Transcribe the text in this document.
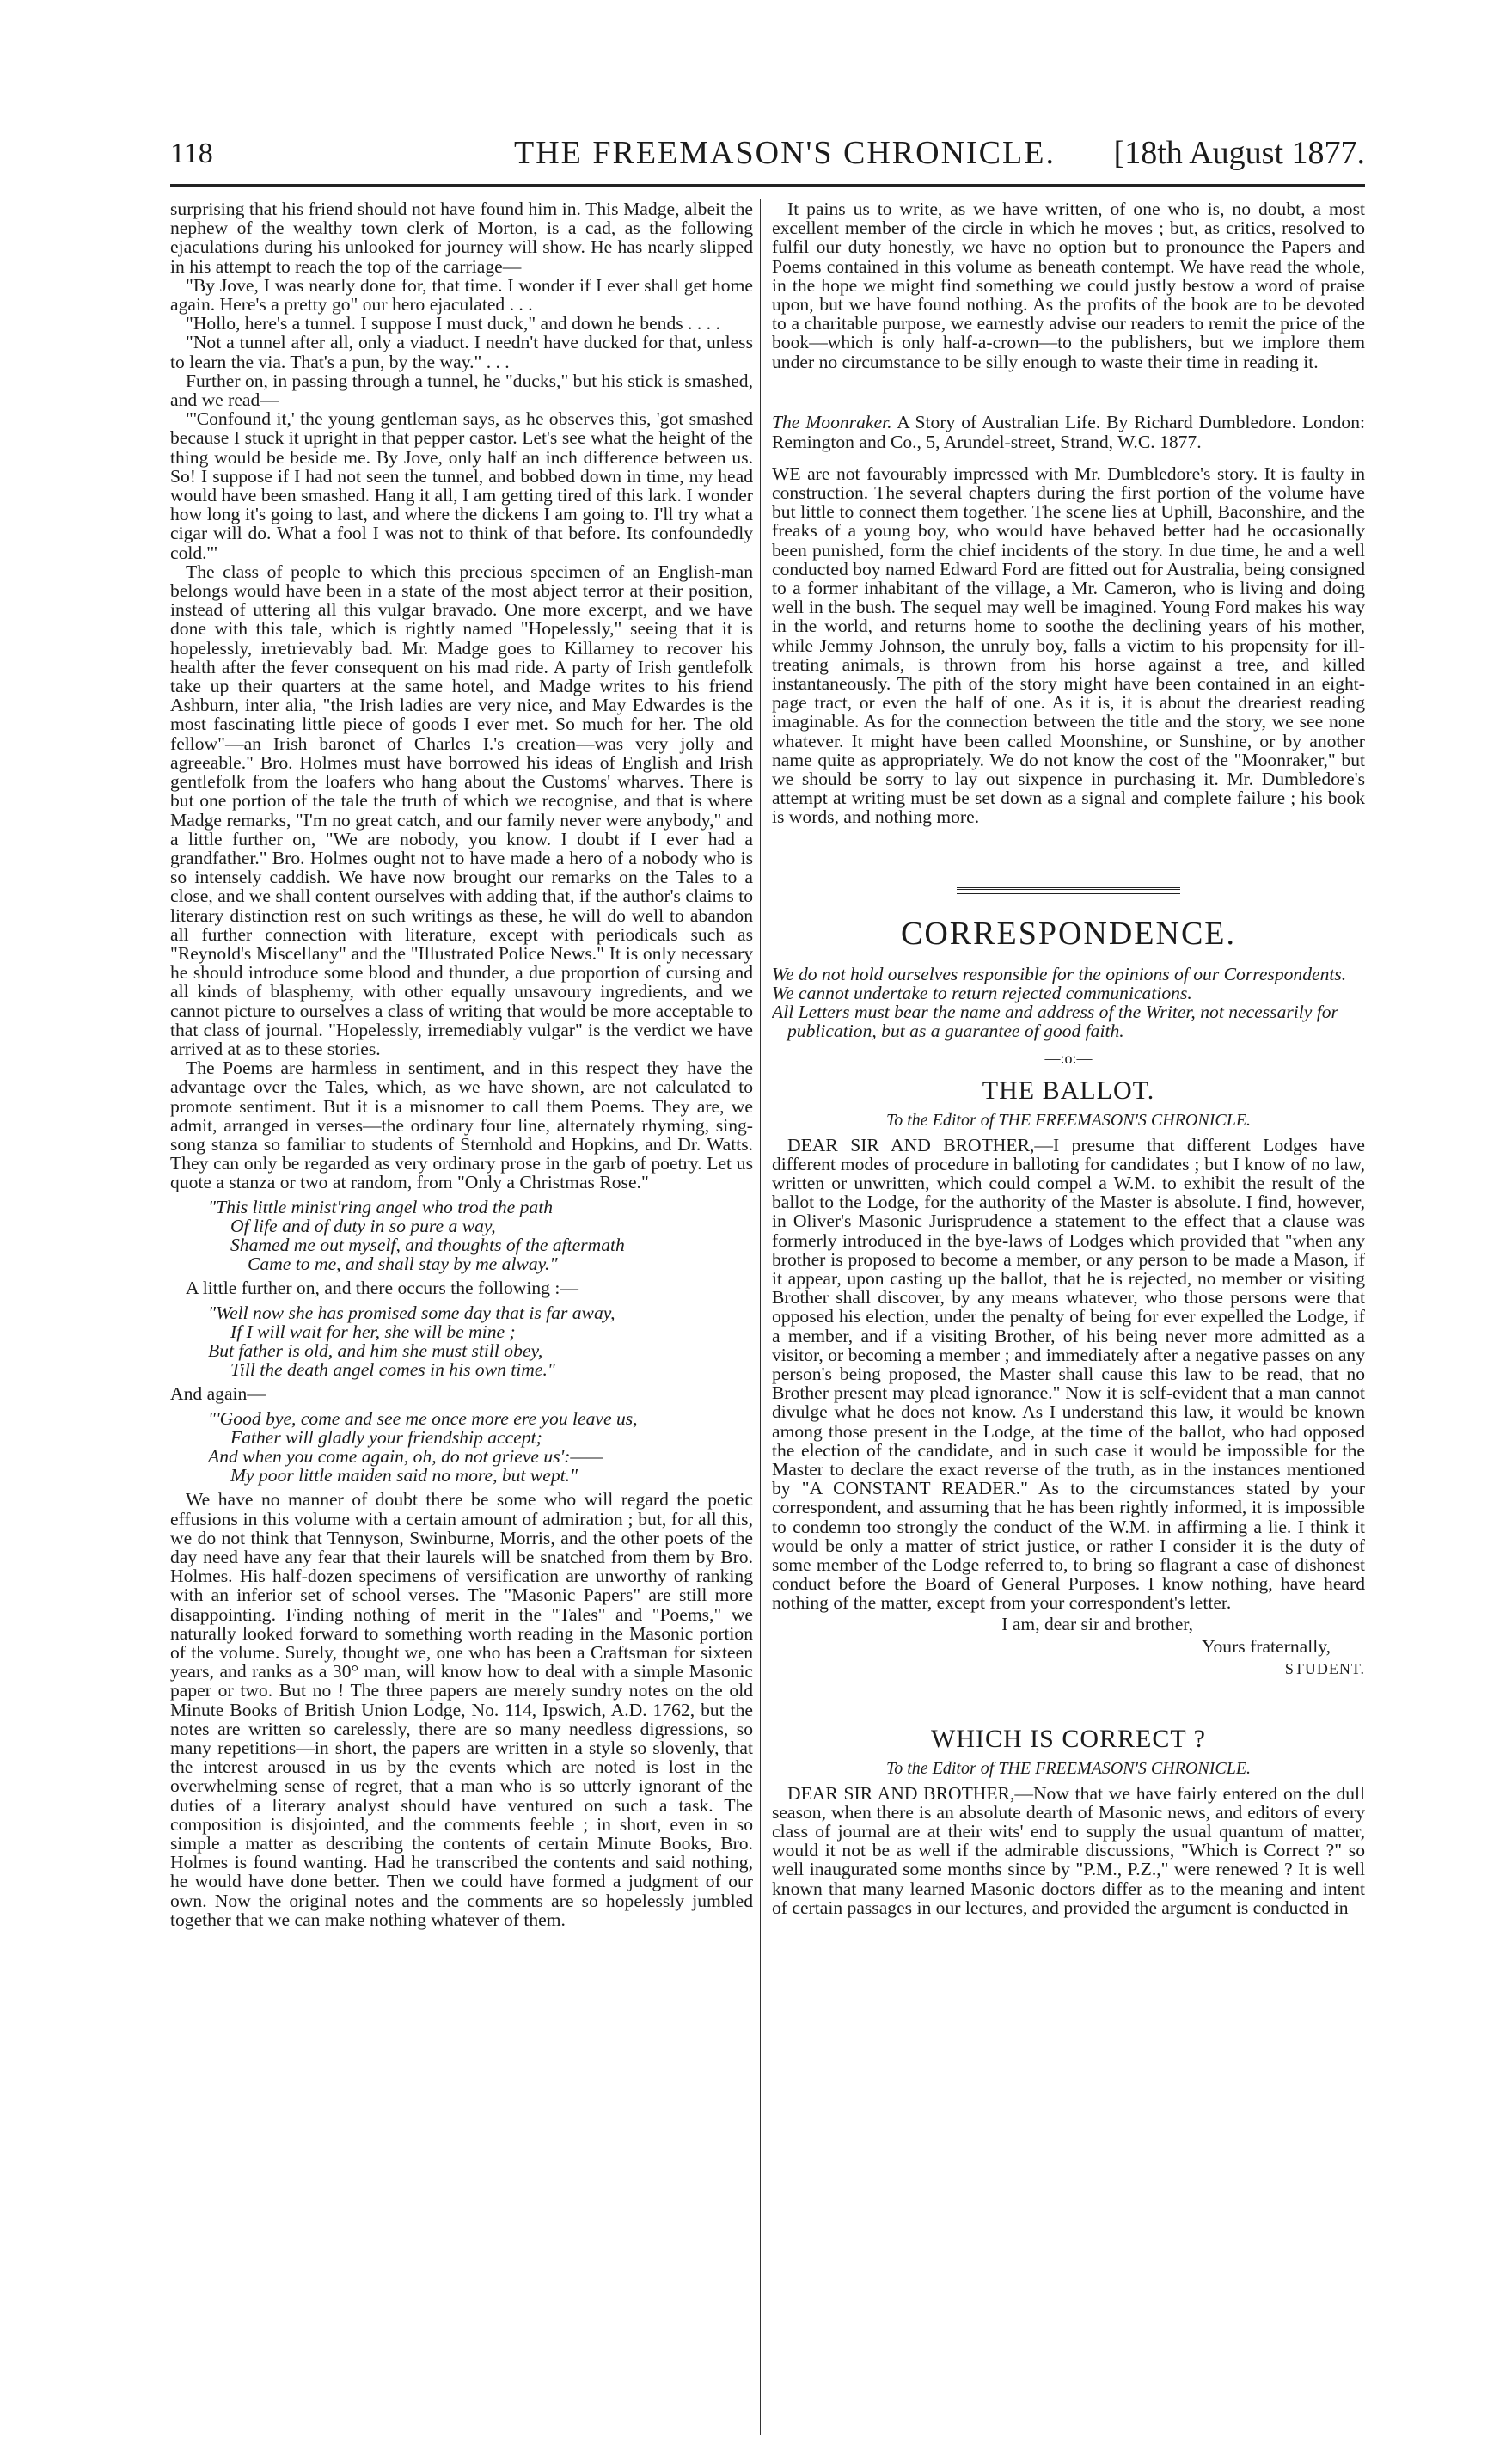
118	THE FREEMASON'S CHRONICLE. [18th August 1877.

surprising that his friend should not have found him in. This Madge, albeit the nephew of the wealthy town clerk of Morton, is a cad, as the following ejaculations during his unlooked for journey will show. He has nearly slipped in his attempt to reach the top of the carriage—

"By Jove, I was nearly done for, that time. I wonder if I ever shall get home again. Here's a pretty go" our hero ejaculated . . .

"Hollo, here's a tunnel. I suppose I must duck," and down he bends . . . .

"Not a tunnel after all, only a viaduct. I needn't have ducked for that, unless to learn the via. That's a pun, by the way." . . .

Further on, in passing through a tunnel, he "ducks," but his stick is smashed, and we read—

"'Confound it,' the young gentleman says, as he observes this, 'got smashed because I stuck it upright in that pepper castor. Let's see what the height of the thing would be beside me. By Jove, only half an inch difference between us. So! I suppose if I had not seen the tunnel, and bobbed down in time, my head would have been smashed. Hang it all, I am getting tired of this lark. I wonder how long it's going to last, and where the dickens I am going to. I'll try what a cigar will do. What a fool I was not to think of that before. Its confoundedly cold.'"

The class of people to which this precious specimen of an English-man belongs would have been in a state of the most abject terror at their position, instead of uttering all this vulgar bravado. One more excerpt, and we have done with this tale, which is rightly named "Hopelessly," seeing that it is hopelessly, irretrievably bad. Mr. Madge goes to Killarney to recover his health after the fever consequent on his mad ride. A party of Irish gentlefolk take up their quarters at the same hotel, and Madge writes to his friend Ashburn, inter alia, "the Irish ladies are very nice, and May Edwardes is the most fascinating little piece of goods I ever met. So much for her. The old fellow"—an Irish baronet of Charles I.'s creation—was very jolly and agreeable." Bro. Holmes must have borrowed his ideas of English and Irish gentlefolk from the loafers who hang about the Customs' wharves. There is but one portion of the tale the truth of which we recognise, and that is where Madge remarks, "I'm no great catch, and our family never were anybody," and a little further on, "We are nobody, you know. I doubt if I ever had a grandfather." Bro. Holmes ought not to have made a hero of a nobody who is so intensely caddish. We have now brought our remarks on the Tales to a close, and we shall content ourselves with adding that, if the author's claims to literary distinction rest on such writings as these, he will do well to abandon all further connection with literature, except with periodicals such as "Reynold's Miscellany" and the "Illustrated Police News." It is only necessary he should introduce some blood and thunder, a due proportion of cursing and all kinds of blasphemy, with other equally unsavoury ingredients, and we cannot picture to ourselves a class of writing that would be more acceptable to that class of journal. "Hopelessly, irremediably vulgar" is the verdict we have arrived at as to these stories.

The Poems are harmless in sentiment, and in this respect they have the advantage over the Tales, which, as we have shown, are not calculated to promote sentiment. But it is a misnomer to call them Poems. They are, we admit, arranged in verses—the ordinary four line, alternately rhyming, sing-song stanza so familiar to students of Sternhold and Hopkins, and Dr. Watts. They can only be regarded as very ordinary prose in the garb of poetry. Let us quote a stanza or two at random, from "Only a Christmas Rose."

"This little minist'ring angel who trod the path
Of life and of duty in so pure a way,
Shamed me out myself, and thoughts of the aftermath
Came to me, and shall stay by me alway."

A little further on, and there occurs the following :—

"Well now she has promised some day that is far away,
If I will wait for her, she will be mine ;
But father is old, and him she must still obey,
Till the death angel comes in his own time."

And again—

"'Good bye, come and see me once more ere you leave us,
Father will gladly your friendship accept;
And when you come again, oh, do not grieve us':——
My poor little maiden said no more, but wept."

We have no manner of doubt there be some who will regard the poetic effusions in this volume with a certain amount of admiration ; but, for all this, we do not think that Tennyson, Swinburne, Morris, and the other poets of the day need have any fear that their laurels will be snatched from them by Bro. Holmes. His half-dozen specimens of versification are unworthy of ranking with an inferior set of school verses. The "Masonic Papers" are still more disappointing. Finding nothing of merit in the "Tales" and "Poems," we naturally looked forward to something worth reading in the Masonic portion of the volume. Surely, thought we, one who has been a Craftsman for sixteen years, and ranks as a 30° man, will know how to deal with a simple Masonic paper or two. But no ! The three papers are merely sundry notes on the old Minute Books of British Union Lodge, No. 114, Ipswich, A.D. 1762, but the notes are written so carelessly, there are so many needless digressions, so many repetitions—in short, the papers are written in a style so slovenly, that the interest aroused in us by the events which are noted is lost in the overwhelming sense of regret, that a man who is so utterly ignorant of the duties of a literary analyst should have ventured on such a task. The composition is disjointed, and the comments feeble ; in short, even in so simple a matter as describing the contents of certain Minute Books, Bro. Holmes is found wanting. Had he transcribed the contents and said nothing, he would have done better. Then we could have formed a judgment of our own. Now the original notes and the comments are so hopelessly jumbled together that we can make nothing whatever of them.

It pains us to write, as we have written, of one who is, no doubt, a most excellent member of the circle in which he moves ; but, as critics, resolved to fulfil our duty honestly, we have no option but to pronounce the Papers and Poems contained in this volume as beneath contempt. We have read the whole, in the hope we might find something we could justly bestow a word of praise upon, but we have found nothing. As the profits of the book are to be devoted to a charitable purpose, we earnestly advise our readers to remit the price of the book—which is only half-a-crown—to the publishers, but we implore them under no circumstance to be silly enough to waste their time in reading it.

The Moonraker. A Story of Australian Life. By Richard Dumbledore. London: Remington and Co., 5, Arundel-street, Strand, W.C. 1877.

WE are not favourably impressed with Mr. Dumbledore's story. It is faulty in construction. The several chapters during the first portion of the volume have but little to connect them together. The scene lies at Uphill, Baconshire, and the freaks of a young boy, who would have behaved better had he occasionally been punished, form the chief incidents of the story. In due time, he and a well conducted boy named Edward Ford are fitted out for Australia, being consigned to a former inhabitant of the village, a Mr. Cameron, who is living and doing well in the bush. The sequel may well be imagined. Young Ford makes his way in the world, and returns home to soothe the declining years of his mother, while Jemmy Johnson, the unruly boy, falls a victim to his propensity for ill-treating animals, is thrown from his horse against a tree, and killed instantaneously. The pith of the story might have been contained in an eight-page tract, or even the half of one. As it is, it is about the dreariest reading imaginable. As for the connection between the title and the story, we see none whatever. It might have been called Moonshine, or Sunshine, or by another name quite as appropriately. We do not know the cost of the "Moonraker," but we should be sorry to lay out sixpence in purchasing it. Mr. Dumbledore's attempt at writing must be set down as a signal and complete failure ; his book is words, and nothing more.

CORRESPONDENCE.
We do not hold ourselves responsible for the opinions of our Correspondents.
We cannot undertake to return rejected communications.
All Letters must bear the name and address of the Writer, not necessarily for publication, but as a guarantee of good faith.
—:o:—
THE BALLOT.
To the Editor of THE FREEMASON'S CHRONICLE.

DEAR SIR AND BROTHER,—I presume that different Lodges have different modes of procedure in balloting for candidates ; but I know of no law, written or unwritten, which could compel a W.M. to exhibit the result of the ballot to the Lodge, for the authority of the Master is absolute. I find, however, in Oliver's Masonic Jurisprudence a statement to the effect that a clause was formerly introduced in the bye-laws of Lodges which provided that "when any brother is proposed to become a member, or any person to be made a Mason, if it appear, upon casting up the ballot, that he is rejected, no member or visiting Brother shall discover, by any means whatever, who those persons were that opposed his election, under the penalty of being for ever expelled the Lodge, if a member, and if a visiting Brother, of his being never more admitted as a visitor, or becoming a member ; and immediately after a negative passes on any person's being proposed, the Master shall cause this law to be read, that no Brother present may plead ignorance." Now it is self-evident that a man cannot divulge what he does not know. As I understand this law, it would be known among those present in the Lodge, at the time of the ballot, who had opposed the election of the candidate, and in such case it would be impossible for the Master to declare the exact reverse of the truth, as in the instances mentioned by "A CONSTANT READER." As to the circumstances stated by your correspondent, and assuming that he has been rightly informed, it is impossible to condemn too strongly the conduct of the W.M. in affirming a lie. I think it would be only a matter of strict justice, or rather I consider it is the duty of some member of the Lodge referred to, to bring so flagrant a case of dishonest conduct before the Board of General Purposes. I know nothing, have heard nothing of the matter, except from your correspondent's letter.

I am, dear sir and brother,
Yours fraternally,
STUDENT.
WHICH IS CORRECT ?
To the Editor of THE FREEMASON'S CHRONICLE.

DEAR SIR AND BROTHER,—Now that we have fairly entered on the dull season, when there is an absolute dearth of Masonic news, and editors of every class of journal are at their wits' end to supply the usual quantum of matter, would it not be as well if the admirable discussions, "Which is Correct ?" so well inaugurated some months since by "P.M., P.Z.," were renewed ? It is well known that many learned Masonic doctors differ as to the meaning and intent of certain passages in our lectures, and provided the argument is conducted in
